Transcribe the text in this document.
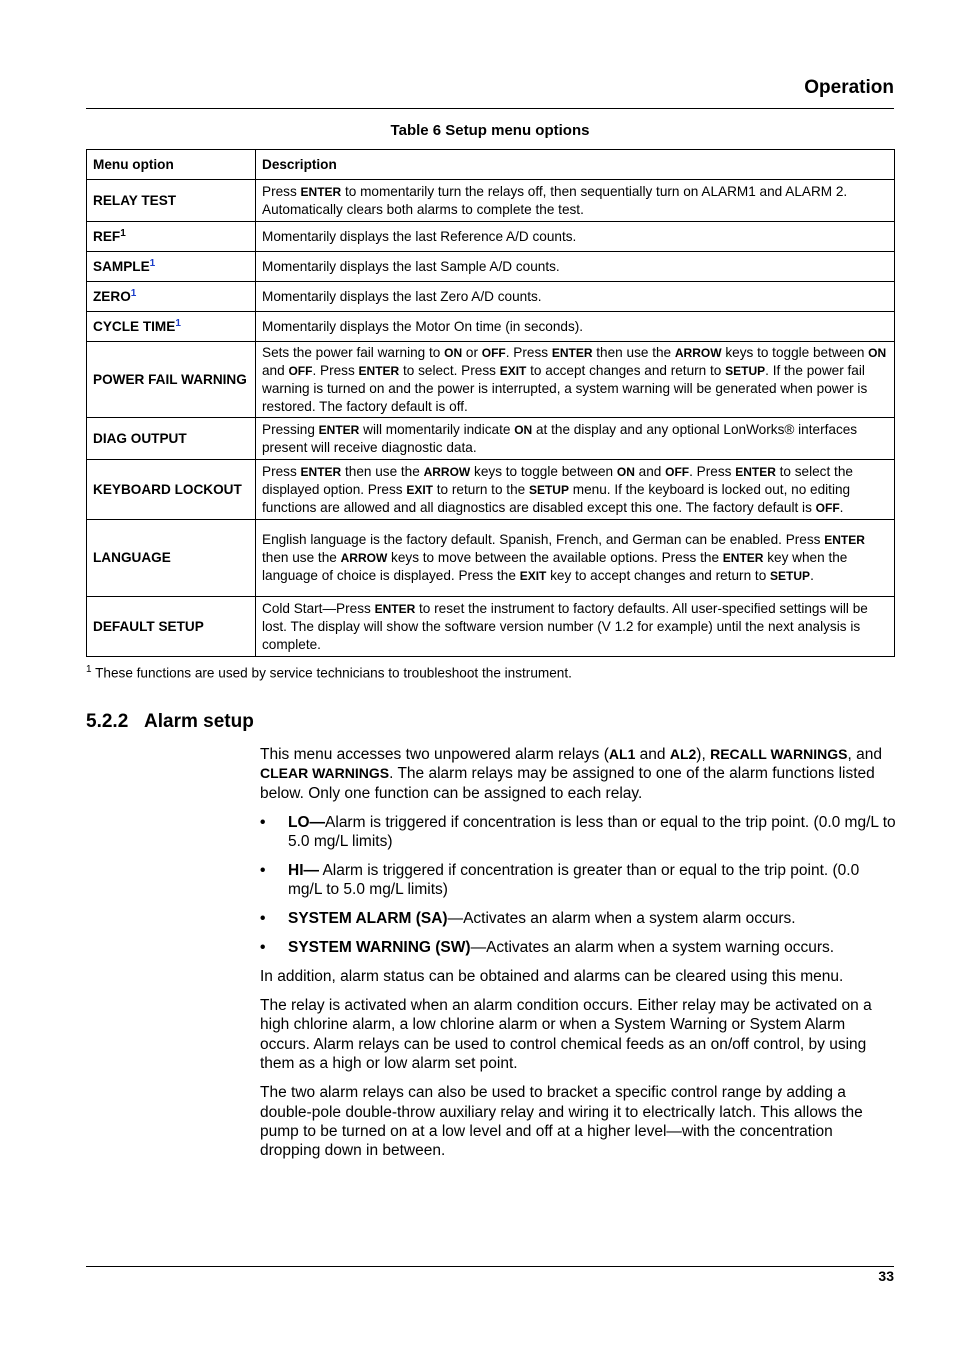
Operation
Table 6 Setup menu options
Menu option	Description
RELAY TEST	Press ENTER to momentarily turn the relays off, then sequentially turn on ALARM1 and ALARM 2. Automatically clears both alarms to complete the test.
REF$^1$	Momentarily displays the last Reference A/D counts.
SAMPLE$^1$	Momentarily displays the last Sample A/D counts.
ZERO$^1$	Momentarily displays the last Zero A/D counts.
CYCLE TIME$^1$	Momentarily displays the Motor On time (in seconds).
POWER FAIL WARNING	Sets the power fail warning to ON or OFF. Press ENTER then use the ARROW keys to toggle between ON and OFF. Press ENTER to select. Press EXIT to accept changes and return to SETUP. If the power fail warning is turned on and the power is interrupted, a system warning will be generated when power is restored. The factory default is off.
DIAG OUTPUT	Pressing ENTER will momentarily indicate ON at the display and any optional LonWorks® interfaces present will receive diagnostic data.
KEYBOARD LOCKOUT	Press ENTER then use the ARROW keys to toggle between ON and OFF. Press ENTER to select the displayed option. Press EXIT to return to the SETUP menu. If the keyboard is locked out, no editing functions are allowed and all diagnostics are disabled except this one. The factory default is OFF.
LANGUAGE	English language is the factory default. Spanish, French, and German can be enabled. Press ENTER then use the ARROW keys to move between the available options. Press the ENTER key when the language of choice is displayed. Press the EXIT key to accept changes and return to SETUP.
DEFAULT SETUP	Cold Start—Press ENTER to reset the instrument to factory defaults. All user-specified settings will be lost. The display will show the software version number (V 1.2 for example) until the next analysis is complete.
$^1$ These functions are used by service technicians to troubleshoot the instrument.
5.2.2 Alarm setup

This menu accesses two unpowered alarm relays (AL1 and AL2), RECALL WARNINGS, and CLEAR WARNINGS. The alarm relays may be assigned to one of the alarm functions listed below. Only one function can be assigned to each relay.

• LO—Alarm is triggered if concentration is less than or equal to the trip point. (0.0 mg/L to 5.0 mg/L limits)
• HI— Alarm is triggered if concentration is greater than or equal to the trip point. (0.0 mg/L to 5.0 mg/L limits)
• SYSTEM ALARM (SA)—Activates an alarm when a system alarm occurs.
• SYSTEM WARNING (SW)—Activates an alarm when a system warning occurs.

In addition, alarm status can be obtained and alarms can be cleared using this menu.

The relay is activated when an alarm condition occurs. Either relay may be activated on a high chlorine alarm, a low chlorine alarm or when a System Warning or System Alarm occurs. Alarm relays can be used to control chemical feeds as an on/off control, by using them as a high or low alarm set point.

The two alarm relays can also be used to bracket a specific control range by adding a double-pole double-throw auxiliary relay and wiring it to electrically latch. This allows the pump to be turned on at a low level and off at a higher level—with the concentration dropping down in between.

33
